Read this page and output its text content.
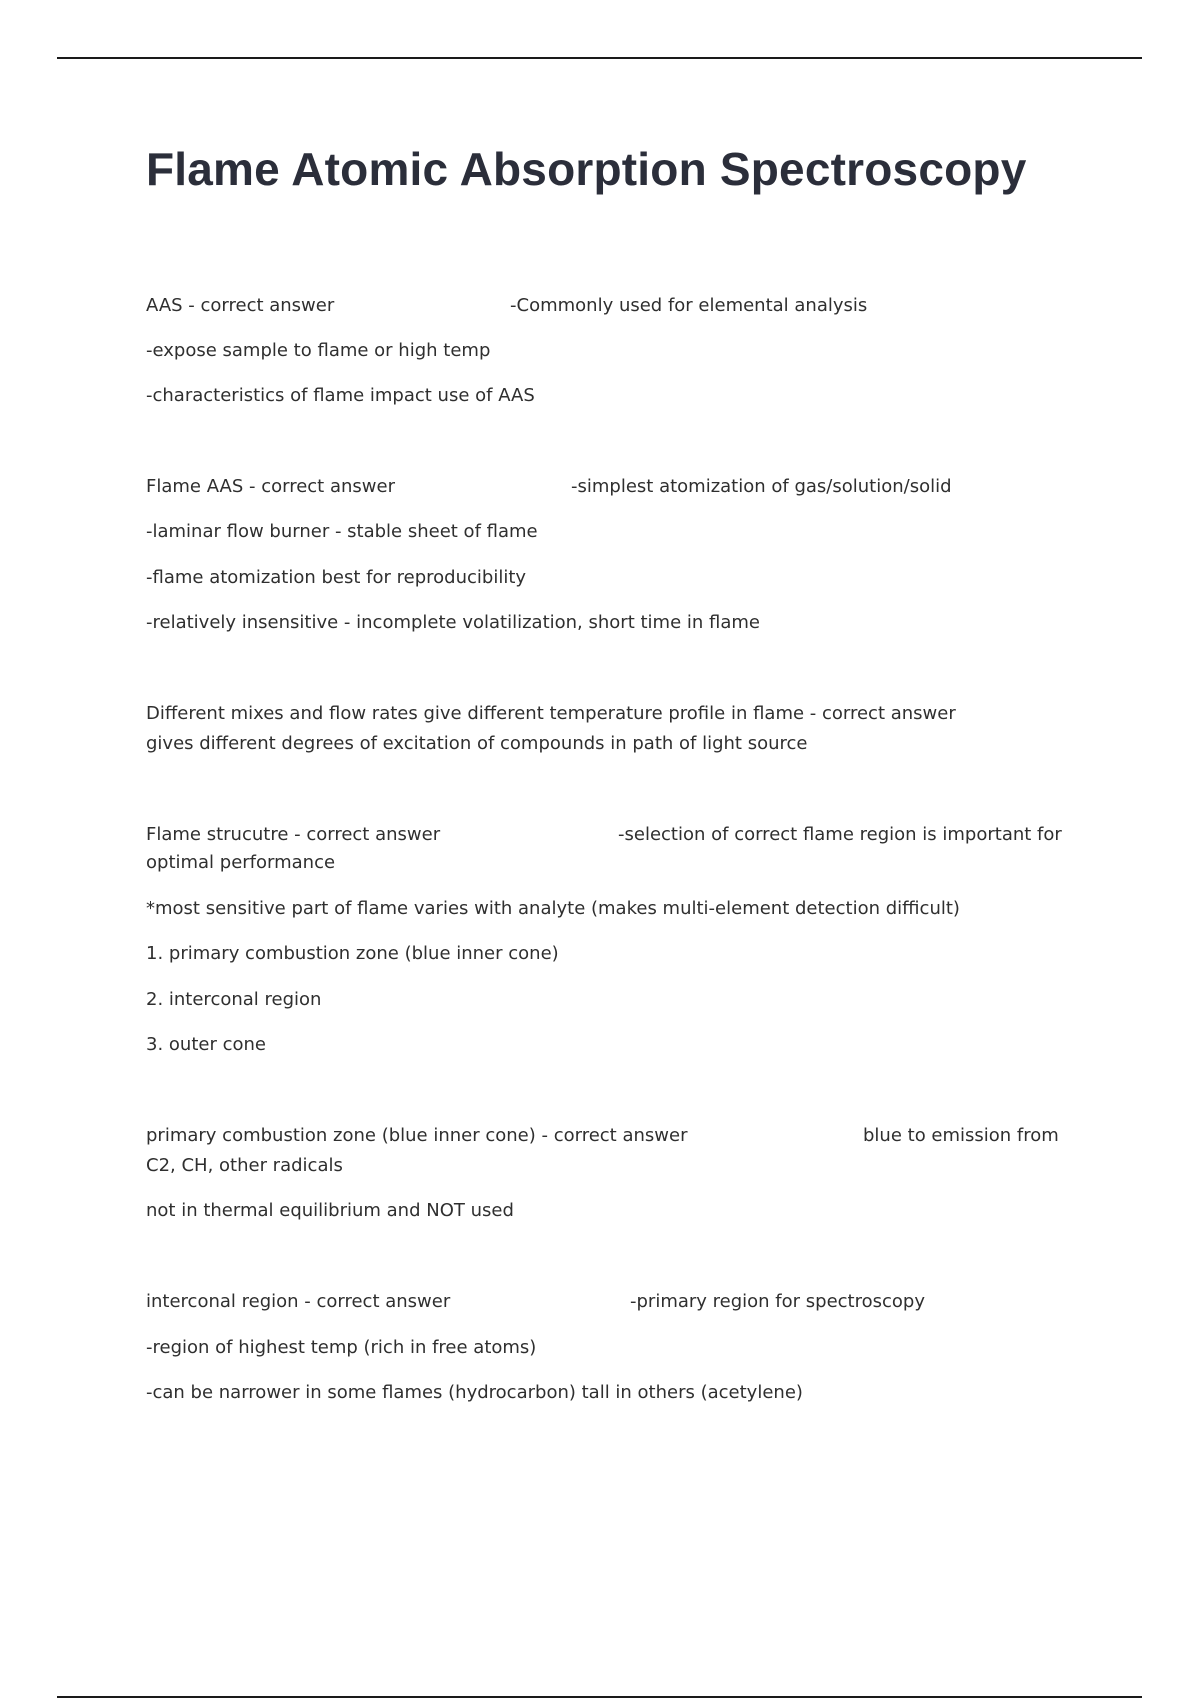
Flame Atomic Absorption Spectroscopy
AAS - correct answer	-Commonly used for elemental analysis
-expose sample to flame or high temp
-characteristics of flame impact use of AAS
Flame AAS - correct answer	-simplest atomization of gas/solution/solid
-laminar flow burner - stable sheet of flame
-flame atomization best for reproducibility
-relatively insensitive - incomplete volatilization, short time in flame
Different mixes and flow rates give different temperature profile in flame - correct answer
gives different degrees of excitation of compounds in path of light source
Flame strucutre - correct answer	-selection of correct flame region is important for
optimal performance
*most sensitive part of flame varies with analyte (makes multi-element detection difficult)
1. primary combustion zone (blue inner cone)
2. interconal region
3. outer cone
primary combustion zone (blue inner cone) - correct answer	blue to emission from
C2, CH, other radicals
not in thermal equilibrium and NOT used
interconal region - correct answer	-primary region for spectroscopy
-region of highest temp (rich in free atoms)
-can be narrower in some flames (hydrocarbon) tall in others (acetylene)
